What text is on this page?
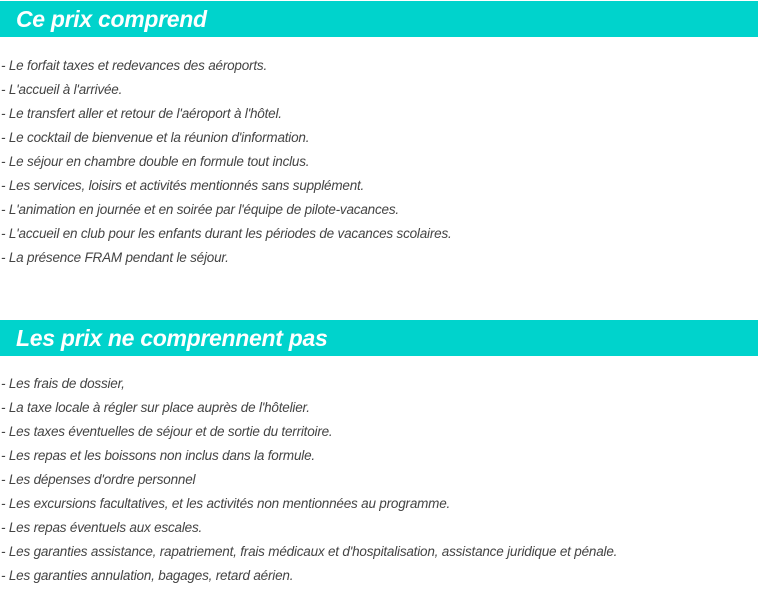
Ce prix comprend
- Le forfait taxes et redevances des aéroports.
- L'accueil à l'arrivée.
- Le transfert aller et retour de l'aéroport à l'hôtel.
- Le cocktail de bienvenue et la réunion d'information.
- Le séjour en chambre double en formule tout inclus.
- Les services, loisirs et activités mentionnés sans supplément.
- L'animation en journée et en soirée par l'équipe de pilote-vacances.
- L'accueil en club pour les enfants durant les périodes de vacances scolaires.
- La présence FRAM pendant le séjour.
Les prix ne comprennent pas
- Les frais de dossier,
- La taxe locale à régler sur place auprès de l'hôtelier.
- Les taxes éventuelles de séjour et de sortie du territoire.
- Les repas et les boissons non inclus dans la formule.
- Les dépenses d'ordre personnel
- Les excursions facultatives, et les activités non mentionnées au programme.
- Les repas éventuels aux escales.
- Les garanties assistance, rapatriement, frais médicaux et d'hospitalisation, assistance juridique et pénale.
- Les garanties annulation, bagages, retard aérien.
